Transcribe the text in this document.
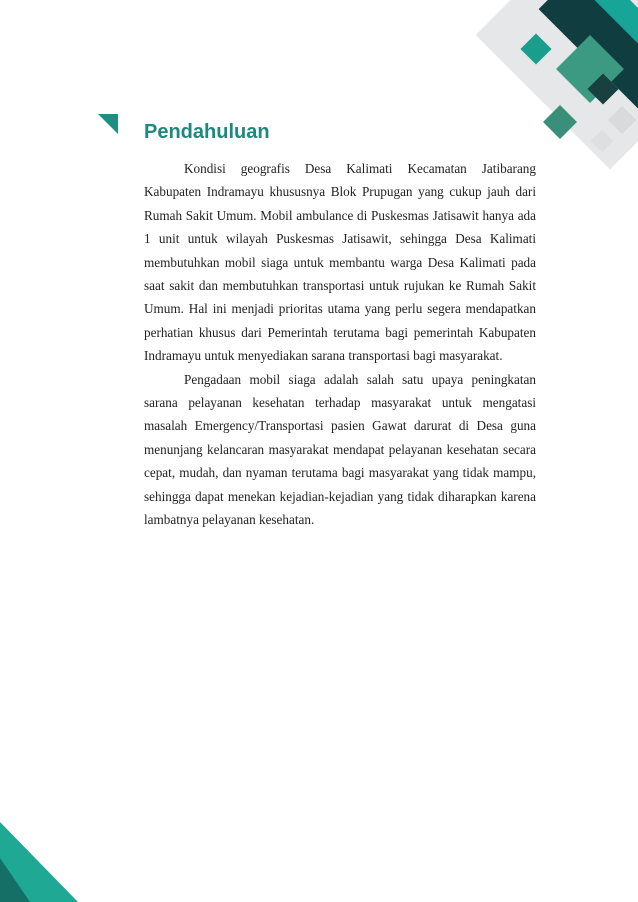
Pendahuluan

Kondisi geografis Desa Kalimati Kecamatan Jatibarang Kabupaten Indramayu khususnya Blok Prupugan yang cukup jauh dari Rumah Sakit Umum. Mobil ambulance di Puskesmas Jatisawit hanya ada 1 unit untuk wilayah Puskesmas Jatisawit, sehingga Desa Kalimati membutuhkan mobil siaga untuk membantu warga Desa Kalimati pada saat sakit dan membutuhkan transportasi untuk rujukan ke Rumah Sakit Umum. Hal ini menjadi prioritas utama yang perlu segera mendapatkan perhatian khusus dari Pemerintah terutama bagi pemerintah Kabupaten Indramayu untuk menyediakan sarana transportasi bagi masyarakat.

Pengadaan mobil siaga adalah salah satu upaya peningkatan sarana pelayanan kesehatan terhadap masyarakat untuk mengatasi masalah Emergency/Transportasi pasien Gawat darurat di Desa guna menunjang kelancaran masyarakat mendapat pelayanan kesehatan secara cepat, mudah, dan nyaman terutama bagi masyarakat yang tidak mampu, sehingga dapat menekan kejadian-kejadian yang tidak diharapkan karena lambatnya pelayanan kesehatan.
